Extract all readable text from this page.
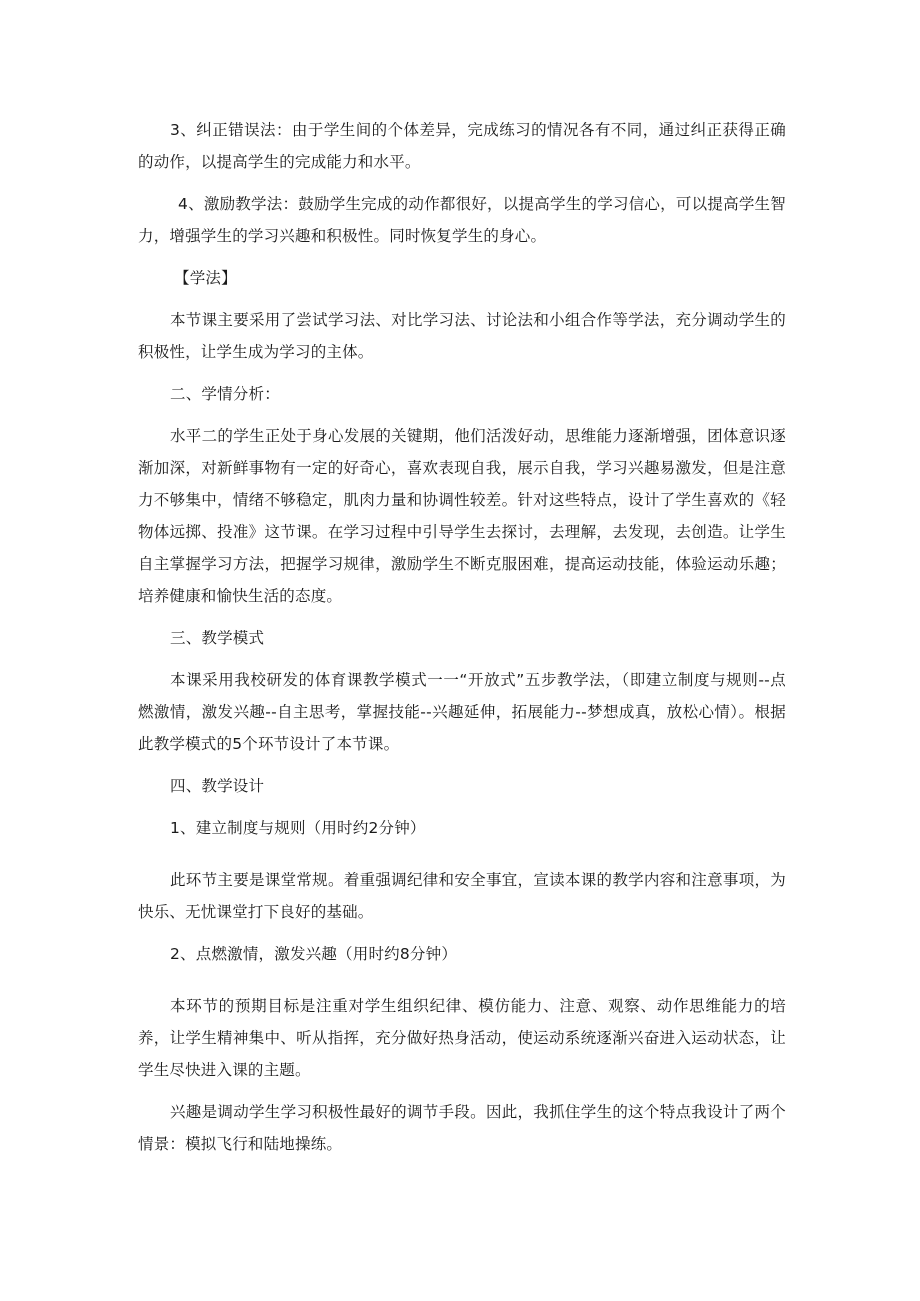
3、纠正错误法：由于学生间的个体差异，完成练习的情况各有不同，通过纠正获得正确的动作，以提高学生的完成能力和水平。

4、激励教学法：鼓励学生完成的动作都很好，以提高学生的学习信心，可以提高学生智力，增强学生的学习兴趣和积极性。同时恢复学生的身心。

【学法】

本节课主要采用了尝试学习法、对比学习法、讨论法和小组合作等学法，充分调动学生的积极性，让学生成为学习的主体。

二、学情分析：

水平二的学生正处于身心发展的关键期，他们活泼好动，思维能力逐渐增强，团体意识逐渐加深，对新鲜事物有一定的好奇心，喜欢表现自我，展示自我，学习兴趣易激发，但是注意力不够集中，情绪不够稳定，肌肉力量和协调性较差。针对这些特点，设计了学生喜欢的《轻物体远掷、投准》这节课。在学习过程中引导学生去探讨，去理解，去发现，去创造。让学生自主掌握学习方法，把握学习规律，激励学生不断克服困难，提高运动技能，体验运动乐趣；培养健康和愉快生活的态度。

三、教学模式

本课采用我校研发的体育课教学模式一一“开放式”五步教学法，（即建立制度与规则--点燃激情，激发兴趣--自主思考，掌握技能--兴趣延伸，拓展能力--梦想成真，放松心情）。根据此教学模式的5个环节设计了本节课。

四、教学设计

1、建立制度与规则（用时约2分钟）

此环节主要是课堂常规。着重强调纪律和安全事宜，宣读本课的教学内容和注意事项，为快乐、无忧课堂打下良好的基础。

2、点燃激情，激发兴趣（用时约8分钟）

本环节的预期目标是注重对学生组织纪律、模仿能力、注意、观察、动作思维能力的培养，让学生精神集中、听从指挥，充分做好热身活动，使运动系统逐渐兴奋进入运动状态，让学生尽快进入课的主题。

兴趣是调动学生学习积极性最好的调节手段。因此，我抓住学生的这个特点我设计了两个情景：模拟飞行和陆地操练。
